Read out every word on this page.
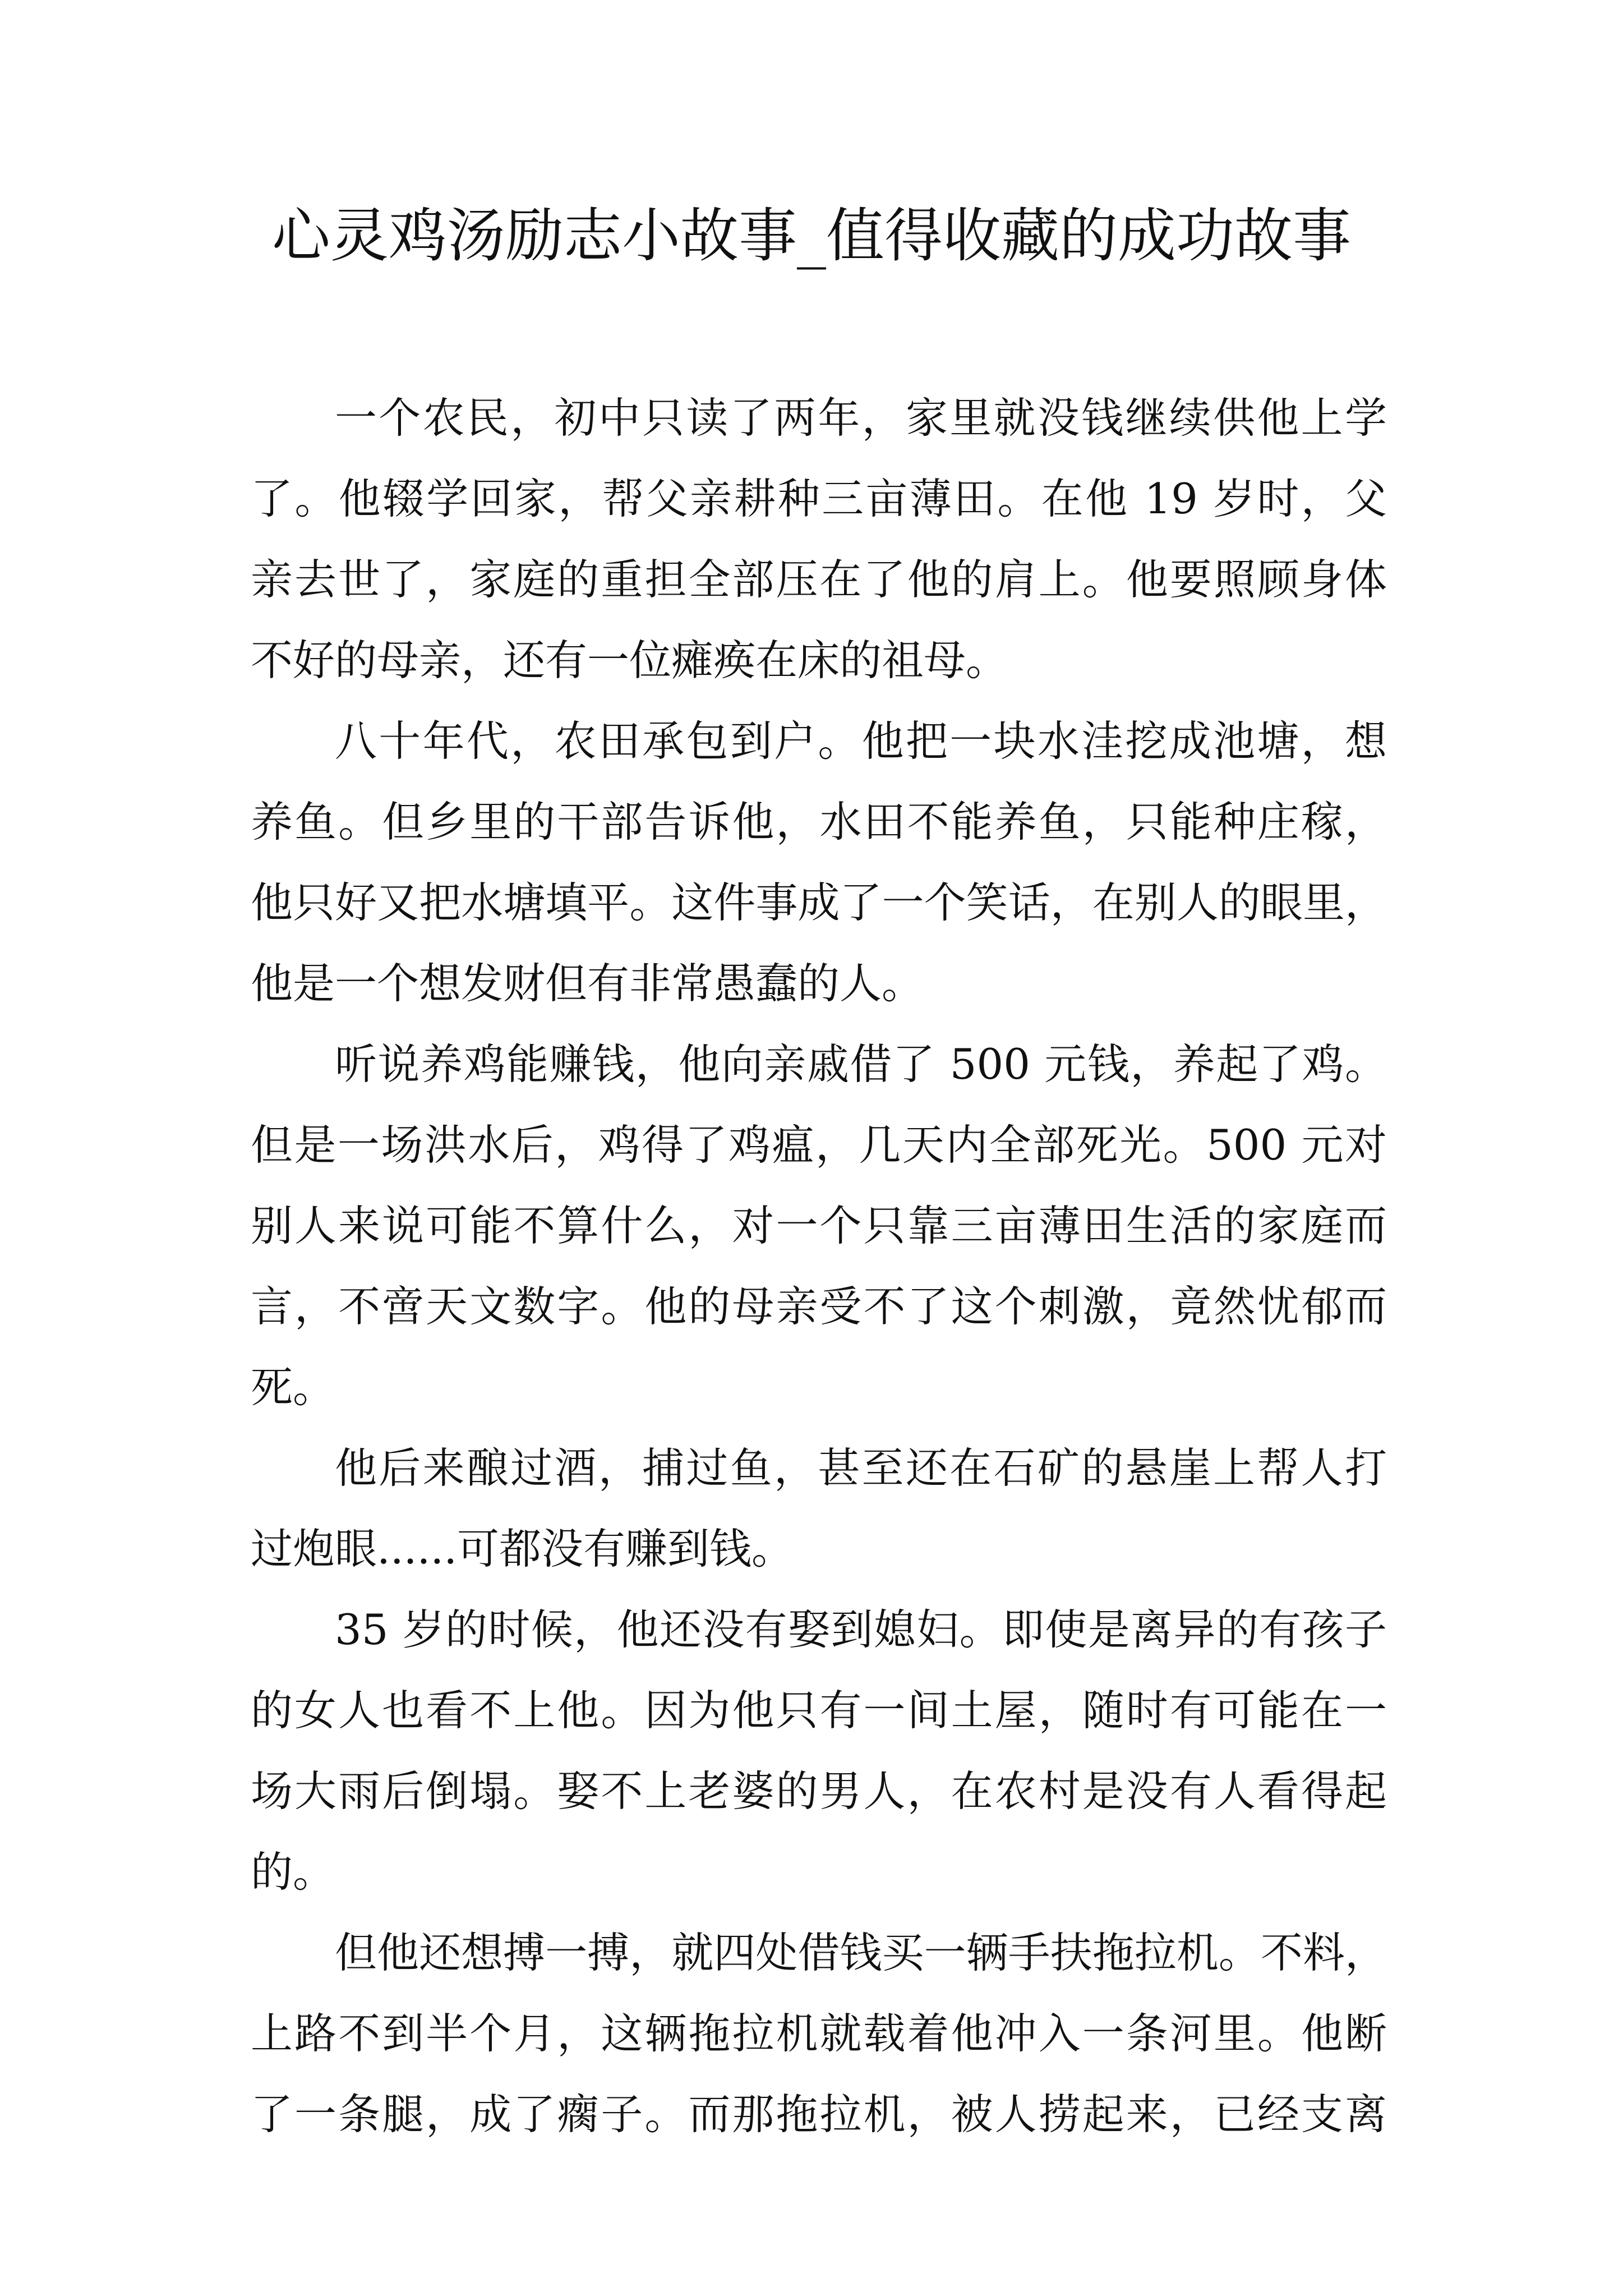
心灵鸡汤励志小故事_值得收藏的成功故事
一个农民，初中只读了两年，家里就没钱继续供他上学
了。他辍学回家，帮父亲耕种三亩薄田。在他 19 岁时，父
亲去世了，家庭的重担全部压在了他的肩上。他要照顾身体
不好的母亲，还有一位瘫痪在床的祖母。
八十年代，农田承包到户。他把一块水洼挖成池塘，想
养鱼。但乡里的干部告诉他，水田不能养鱼，只能种庄稼，
他只好又把水塘填平。这件事成了一个笑话，在别人的眼里，
他是一个想发财但有非常愚蠢的人。
听说养鸡能赚钱，他向亲戚借了 500 元钱，养起了鸡。
但是一场洪水后，鸡得了鸡瘟，几天内全部死光。500 元对
别人来说可能不算什么，对一个只靠三亩薄田生活的家庭而
言，不啻天文数字。他的母亲受不了这个刺激，竟然忧郁而
死。
他后来酿过酒，捕过鱼，甚至还在石矿的悬崖上帮人打
过炮眼......可都没有赚到钱。
35 岁的时候，他还没有娶到媳妇。即使是离异的有孩子
的女人也看不上他。因为他只有一间土屋，随时有可能在一
场大雨后倒塌。娶不上老婆的男人，在农村是没有人看得起
的。
但他还想搏一搏，就四处借钱买一辆手扶拖拉机。不料，
上路不到半个月，这辆拖拉机就载着他冲入一条河里。他断
了一条腿，成了瘸子。而那拖拉机，被人捞起来，已经支离
